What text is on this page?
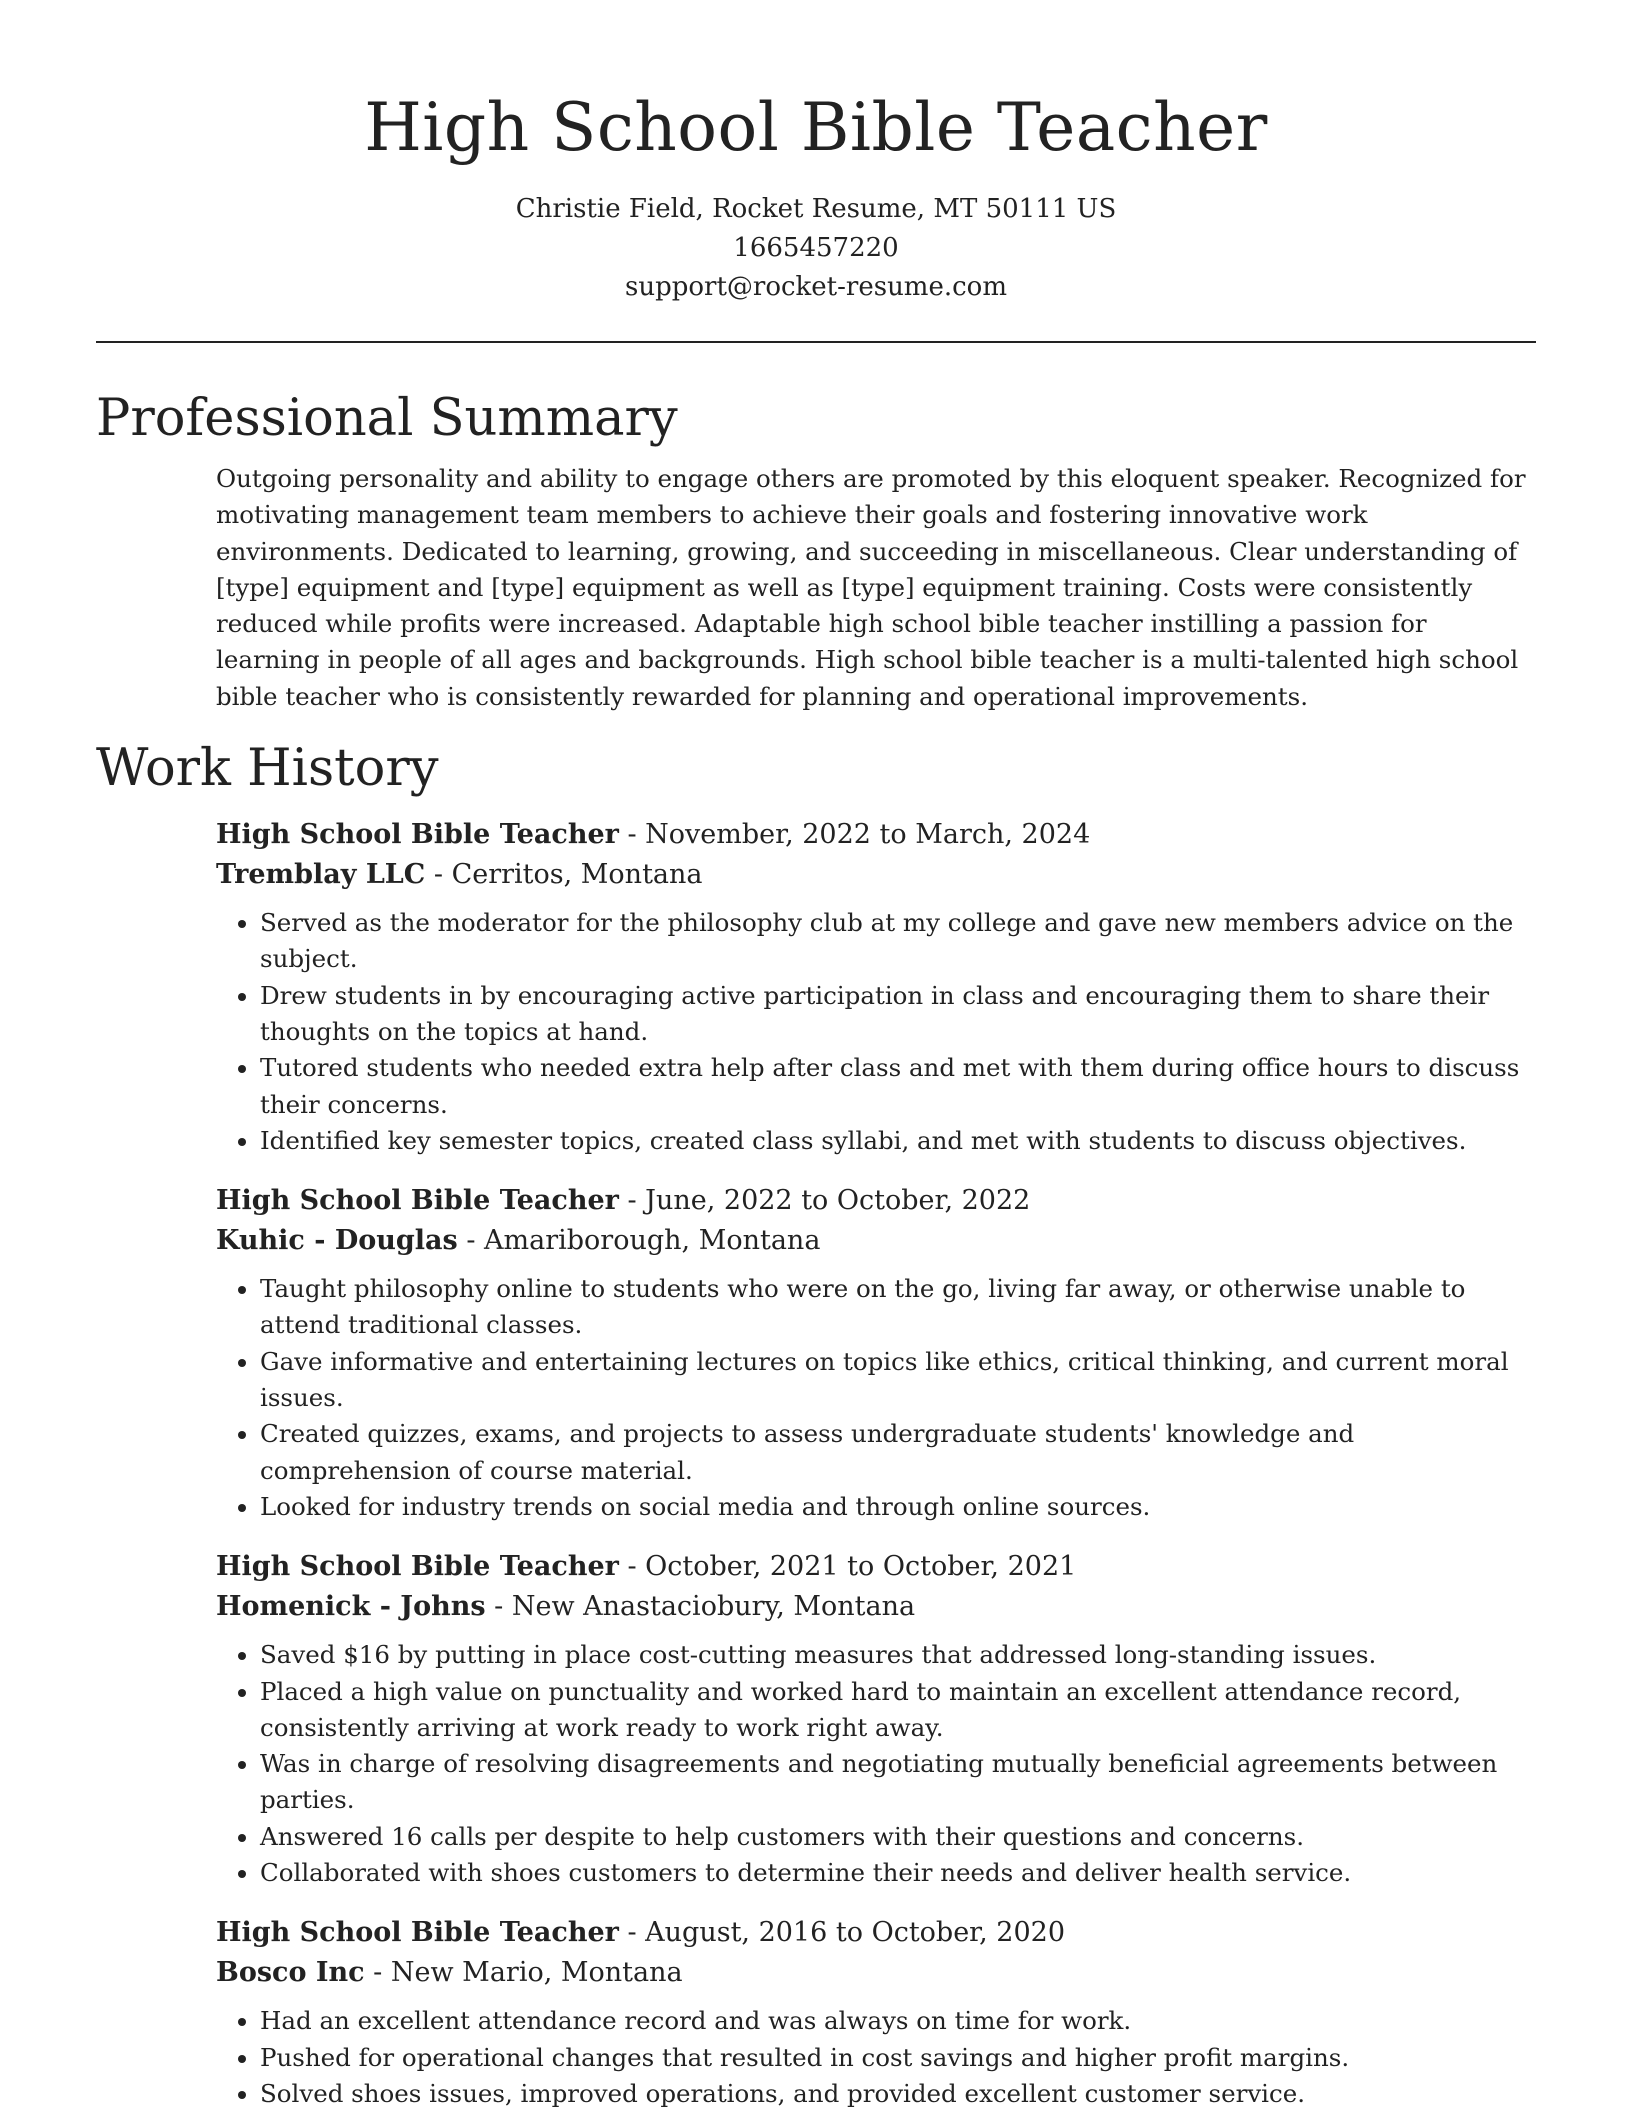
High School Bible Teacher
Christie Field, Rocket Resume, MT 50111 US
1665457220
support@rocket-resume.com
Professional Summary
Outgoing personality and ability to engage others are promoted by this eloquent speaker. Recognized for motivating management team members to achieve their goals and fostering innovative work environments. Dedicated to learning, growing, and succeeding in miscellaneous. Clear understanding of [type] equipment and [type] equipment as well as [type] equipment training. Costs were consistently reduced while profits were increased. Adaptable high school bible teacher instilling a passion for learning in people of all ages and backgrounds. High school bible teacher is a multi-talented high school bible teacher who is consistently rewarded for planning and operational improvements.
Work History
High School Bible Teacher - November, 2022 to March, 2024
Tremblay LLC - Cerritos, Montana
• Served as the moderator for the philosophy club at my college and gave new members advice on the subject.
• Drew students in by encouraging active participation in class and encouraging them to share their thoughts on the topics at hand.
• Tutored students who needed extra help after class and met with them during office hours to discuss their concerns.
• Identified key semester topics, created class syllabi, and met with students to discuss objectives.
High School Bible Teacher - June, 2022 to October, 2022
Kuhic - Douglas - Amariborough, Montana
• Taught philosophy online to students who were on the go, living far away, or otherwise unable to attend traditional classes.
• Gave informative and entertaining lectures on topics like ethics, critical thinking, and current moral issues.
• Created quizzes, exams, and projects to assess undergraduate students' knowledge and comprehension of course material.
• Looked for industry trends on social media and through online sources.
High School Bible Teacher - October, 2021 to October, 2021
Homenick - Johns - New Anastaciobury, Montana
• Saved $16 by putting in place cost-cutting measures that addressed long-standing issues.
• Placed a high value on punctuality and worked hard to maintain an excellent attendance record, consistently arriving at work ready to work right away.
• Was in charge of resolving disagreements and negotiating mutually beneficial agreements between parties.
• Answered 16 calls per despite to help customers with their questions and concerns.
• Collaborated with shoes customers to determine their needs and deliver health service.
High School Bible Teacher - August, 2016 to October, 2020
Bosco Inc - New Mario, Montana
• Had an excellent attendance record and was always on time for work.
• Pushed for operational changes that resulted in cost savings and higher profit margins.
• Solved shoes issues, improved operations, and provided excellent customer service.
